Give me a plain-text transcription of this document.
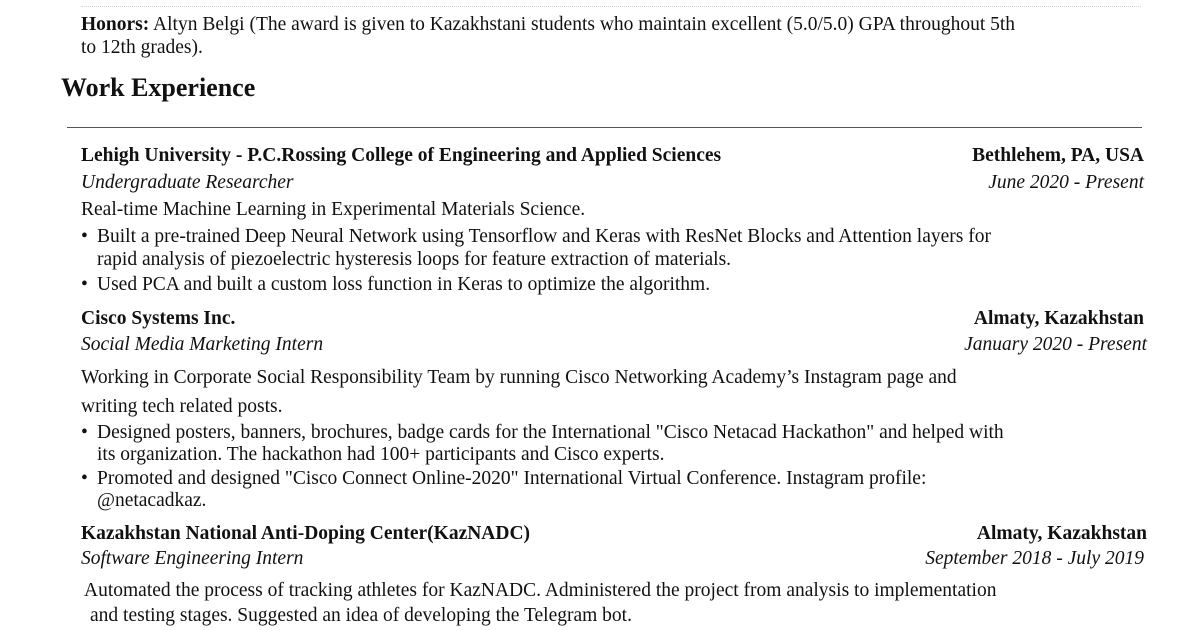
Honors: Altyn Belgi (The award is given to Kazakhstani students who maintain excellent (5.0/5.0) GPA throughout 5th
to 12th grades).
Work Experience
Lehigh University - P.C.Rossing College of Engineering and Applied Sciences	Bethlehem, PA, USA
Undergraduate Researcher	June 2020 - Present
Real-time Machine Learning in Experimental Materials Science.
• Built a pre-trained Deep Neural Network using Tensorflow and Keras with ResNet Blocks and Attention layers for
rapid analysis of piezoelectric hysteresis loops for feature extraction of materials.
• Used PCA and built a custom loss function in Keras to optimize the algorithm.
Cisco Systems Inc.	Almaty, Kazakhstan
Social Media Marketing Intern	January 2020 - Present
Working in Corporate Social Responsibility Team by running Cisco Networking Academy’s Instagram page and
writing tech related posts.
• Designed posters, banners, brochures, badge cards for the International "Cisco Netacad Hackathon" and helped with
its organization. The hackathon had 100+ participants and Cisco experts.
• Promoted and designed "Cisco Connect Online-2020" International Virtual Conference. Instagram profile:
@netacadkaz.
Kazakhstan National Anti-Doping Center(KazNADC)	Almaty, Kazakhstan
Software Engineering Intern	September 2018 - July 2019
Automated the process of tracking athletes for KazNADC. Administered the project from analysis to implementation
and testing stages. Suggested an idea of developing the Telegram bot.
